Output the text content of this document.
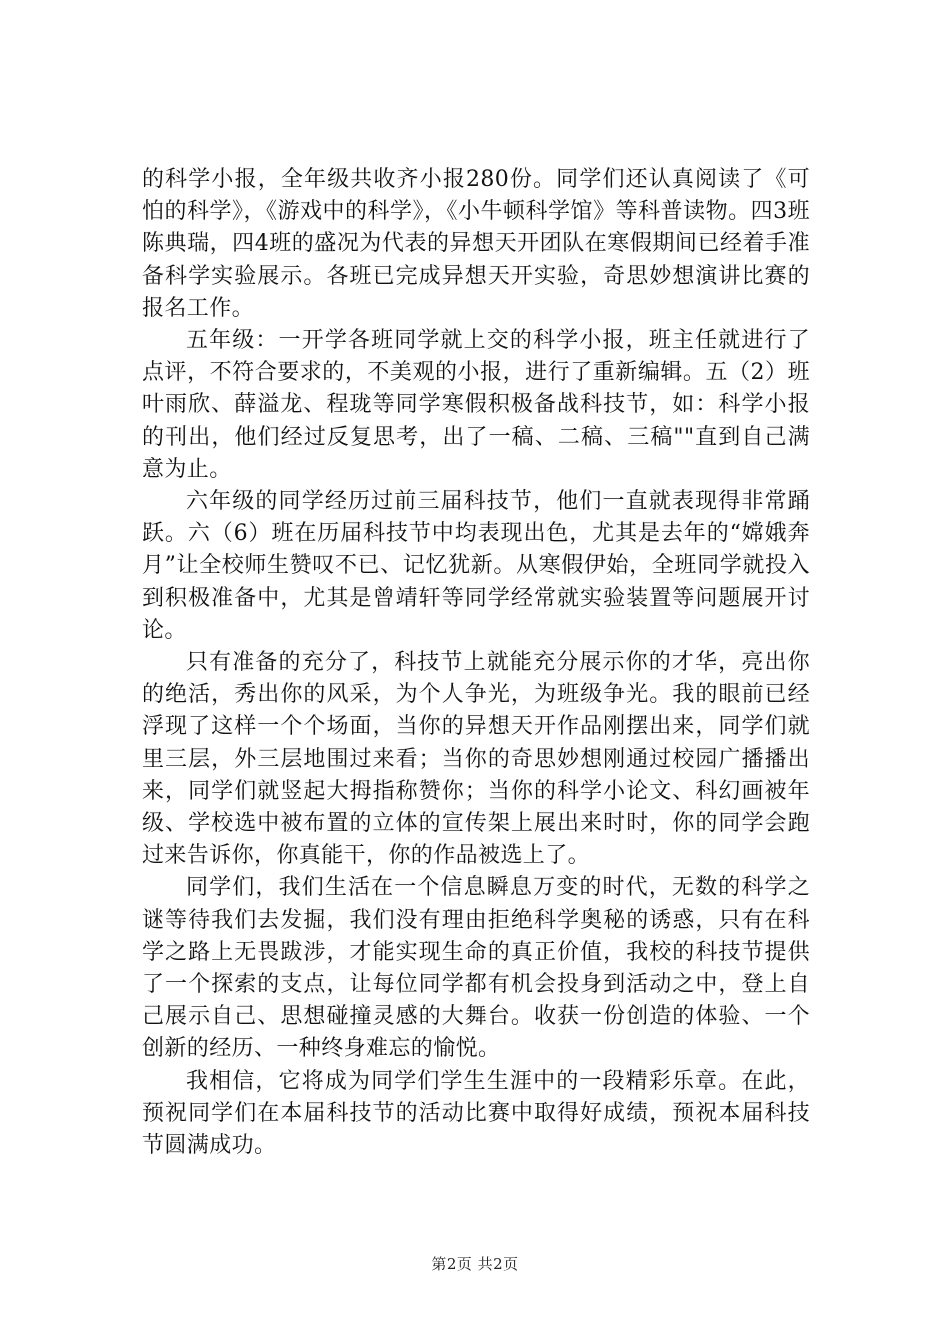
的科学小报，全年级共收齐小报280份。同学们还认真阅读了《可怕的科学》，《游戏中的科学》，《小牛顿科学馆》等科普读物。四3班陈典瑞，四4班的盛况为代表的异想天开团队在寒假期间已经着手准备科学实验展示。各班已完成异想天开实验，奇思妙想演讲比赛的报名工作。

五年级：一开学各班同学就上交的科学小报，班主任就进行了点评，不符合要求的，不美观的小报，进行了重新编辑。五（2）班叶雨欣、薛溢龙、程珑等同学寒假积极备战科技节，如：科学小报的刊出，他们经过反复思考，出了一稿、二稿、三稿""直到自己满意为止。

六年级的同学经历过前三届科技节，他们一直就表现得非常踊跃。六（6）班在历届科技节中均表现出色，尤其是去年的“嫦娥奔月”让全校师生赞叹不已、记忆犹新。从寒假伊始，全班同学就投入到积极准备中，尤其是曾靖轩等同学经常就实验装置等问题展开讨论。

只有准备的充分了，科技节上就能充分展示你的才华，亮出你的绝活，秀出你的风采，为个人争光，为班级争光。我的眼前已经浮现了这样一个个场面，当你的异想天开作品刚摆出来，同学们就里三层，外三层地围过来看；当你的奇思妙想刚通过校园广播播出来，同学们就竖起大拇指称赞你；当你的科学小论文、科幻画被年级、学校选中被布置的立体的宣传架上展出来时时，你的同学会跑过来告诉你，你真能干，你的作品被选上了。

同学们，我们生活在一个信息瞬息万变的时代，无数的科学之谜等待我们去发掘，我们没有理由拒绝科学奥秘的诱惑，只有在科学之路上无畏跋涉，才能实现生命的真正价值，我校的科技节提供了一个探索的支点，让每位同学都有机会投身到活动之中，登上自己展示自己、思想碰撞灵感的大舞台。收获一份创造的体验、一个创新的经历、一种终身难忘的愉悦。

我相信，它将成为同学们学生生涯中的一段精彩乐章。在此，预祝同学们在本届科技节的活动比赛中取得好成绩，预祝本届科技节圆满成功。

第2页 共2页
